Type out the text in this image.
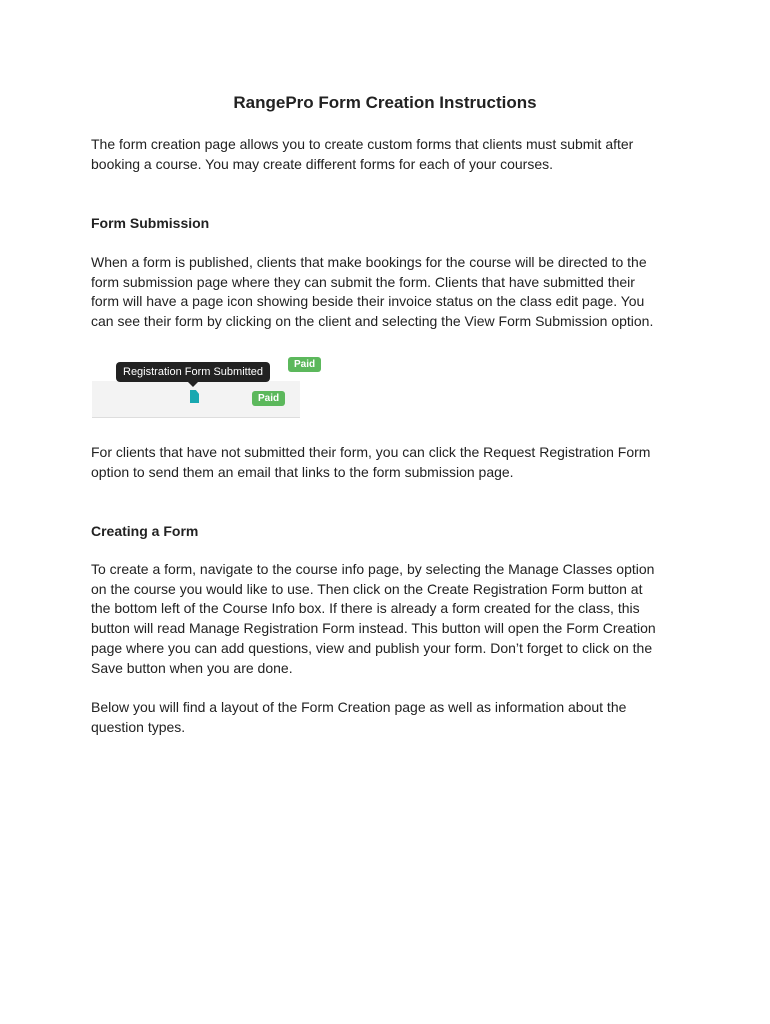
RangePro Form Creation Instructions
The form creation page allows you to create custom forms that clients must submit after
booking a course. You may create different forms for each of your courses.
Form Submission
When a form is published, clients that make bookings for the course will be directed to the
form submission page where they can submit the form. Clients that have submitted their
form will have a page icon showing beside their invoice status on the class edit page. You
can see their form by clicking on the client and selecting the View Form Submission option.
Paid
Paid
Registration Form Submitted
For clients that have not submitted their form, you can click the Request Registration Form
option to send them an email that links to the form submission page.
Creating a Form
To create a form, navigate to the course info page, by selecting the Manage Classes option
on the course you would like to use. Then click on the Create Registration Form button at
the bottom left of the Course Info box. If there is already a form created for the class, this
button will read Manage Registration Form instead. This button will open the Form Creation
page where you can add questions, view and publish your form. Don’t forget to click on the
Save button when you are done.
Below you will find a layout of the Form Creation page as well as information about the
question types.
